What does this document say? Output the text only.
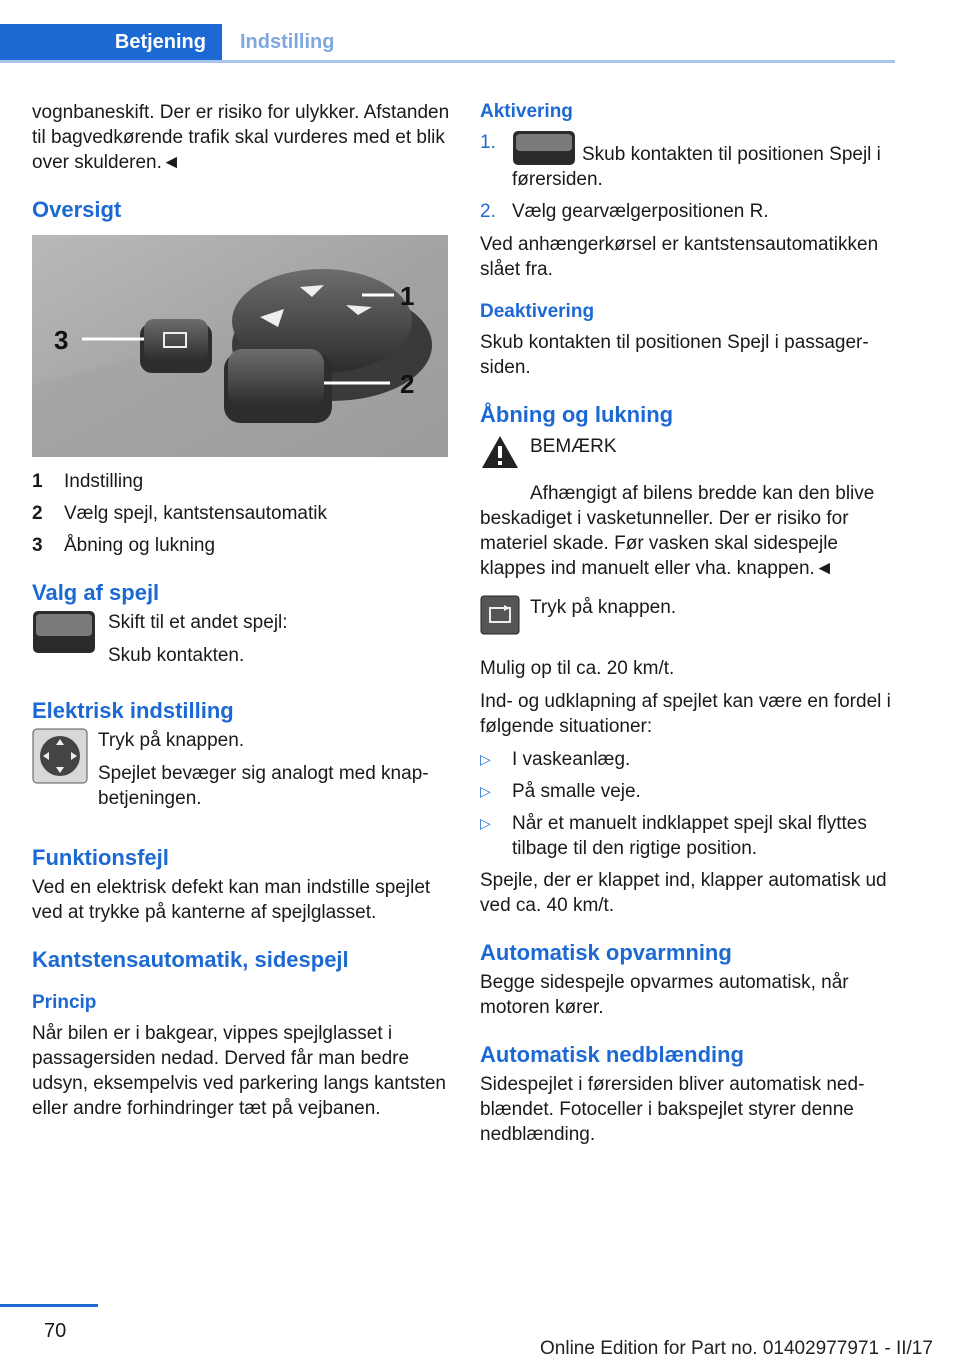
Betjening Indstilling

vognbaneskift. Der er risiko for ulykker. Afstanden til bagvedkørende trafik skal vurderes med et blik over skulderen.◄

Oversigt
1
2
3
1	Indstilling
2	Vælg spejl, kantstensautomatik
3	Åbning og lukning
Valg af spejl

Skift til et andet spejl:

Skub kontakten.

Elektrisk indstilling

Tryk på knappen.

Spejlet bevæger sig analogt med knapbetjeningen.

Funktionsfejl

Ved en elektrisk defekt kan man indstille spejlet ved at trykke på kanterne af spejlglasset.

Kantstensautomatik, sidespejl
Princip

Når bilen er i bakgear, vippes spejlglasset i passagersiden nedad. Derved får man bedre udsyn, eksempelvis ved parkering langs kantsten eller andre forhindringer tæt på vejbanen.

Aktivering
1.
Skub kontakten til positionen Spejl i førersiden.
2. Vælg gearvælgerpositionen R.

Ved anhængerkørsel er kantstensautomatikken slået fra.

Deaktivering

Skub kontakten til positionen Spejl i passagersiden.

Åbning og lukning

BEMÆRK

Afhængigt af bilens bredde kan den blive beskadiget i vasketunneller. Der er risiko for materiel skade. Før vasken skal sidespejle klappes ind manuelt eller vha. knappen.◄

Tryk på knappen.

Mulig op til ca. 20 km/t.

Ind- og udklapning af spejlet kan være en fordel i følgende situationer:

▷	I vaskeanlæg.
▷	På smalle veje.
▷	Når et manuelt indklappet spejl skal flyttes tilbage til den rigtige position.

Spejle, der er klappet ind, klapper automatisk ud ved ca. 40 km/t.

Automatisk opvarmning

Begge sidespejle opvarmes automatisk, når motoren kører.

Automatisk nedblænding

Sidespejlet i førersiden bliver automatisk nedblændet. Fotoceller i bakspejlet styrer denne nedblænding.

70
Online Edition for Part no. 01402977971 - II/17
